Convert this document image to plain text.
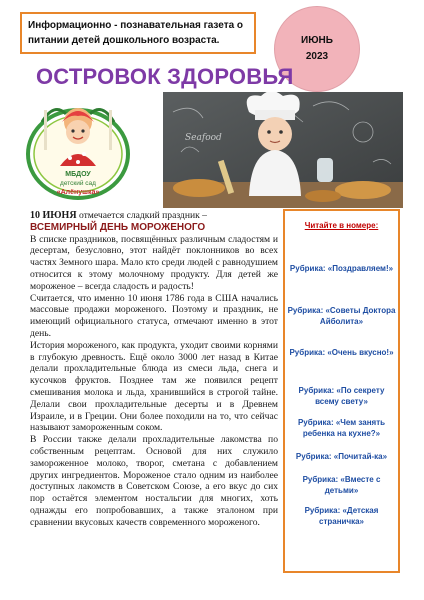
Информационно - познавательная газета о
питании детей дошкольного возраста.	ИЮНЬ
2023
ОСТРОВОК ЗДОРОВЬЯ
МБДОУ
детский сад
«Алёнушка»
Seafood

10 ИЮНЯ отмечается сладкий праздник –

ВСЕМИРНЫЙ ДЕНЬ МОРОЖЕНОГО

В списке праздников, посвящённых различным сладостям и десертам, безусловно, этот найдёт поклонников во всех частях Земного шара. Мало кто среди людей с равнодушием относится к этому молочному продукту. Для детей же мороженое – всегда сладость и радость!

Считается, что именно 10 июня 1786 года в США начались массовые продажи мороженого. Поэтому и праздник, не имеющий официального статуса, отмечают именно в этот день.

История мороженого, как продукта, уходит своими корнями в глубокую древность. Ещё около 3000 лет назад в Китае делали прохладительные блюда из смеси льда, снега и кусочков фруктов. Позднее там же появился рецепт смешивания молока и льда, хранившийся в строгой тайне. Делали свои прохладительные десерты и в Древнем Израиле, и в Греции. Они более походили на то, что сейчас называют замороженным соком.

В России также делали прохладительные лакомства по собственным рецептам. Основой для них служило замороженное молоко, творог, сметана с добавлением других ингредиентов. Мороженое стало одним из наиболее доступных лакомств в Советском Союзе, а его вкус до сих пор остаётся элементом ностальгии для многих, хоть однажды его попробовавших, а также эталоном при сравнении вкусовых качеств современного мороженого.

Читайте в номере:
Рубрика: «Поздравляем!»
Рубрика: «Советы Доктора Айболита»
Рубрика: «Очень вкусно!»
Рубрика: «По секрету всему свету»
Рубрика: «Чем занять ребенка на кухне?»
Рубрика: «Почитай-ка»
Рубрика: «Вместе с детьми»
Рубрика: «Детская страничка»
